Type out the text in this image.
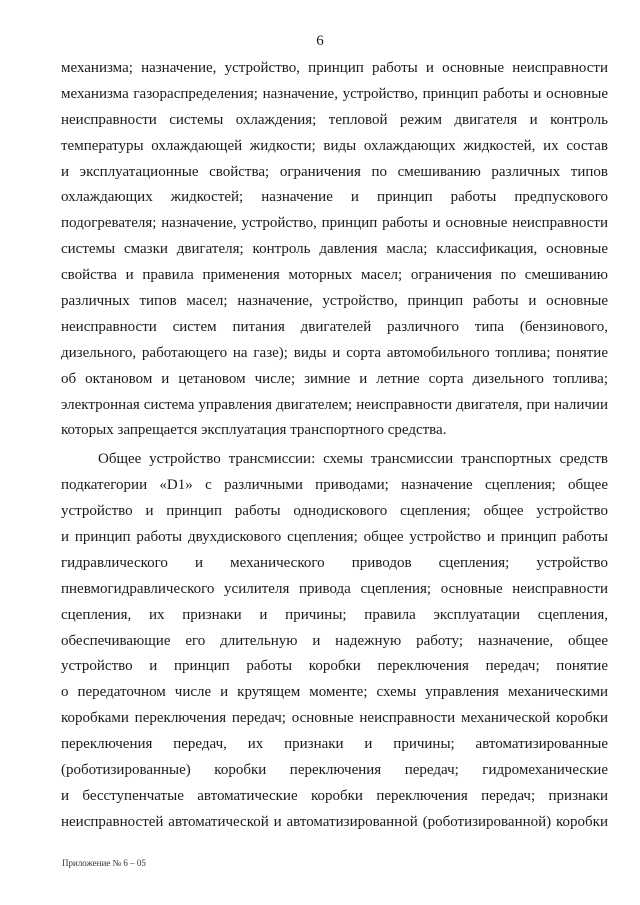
6
механизма; назначение, устройство, принцип работы и основные неисправности
механизма газораспределения; назначение, устройство, принцип работы и основные
неисправности системы охлаждения; тепловой режим двигателя и контроль
температуры охлаждающей жидкости; виды охлаждающих жидкостей, их состав
и эксплуатационные свойства; ограничения по смешиванию различных типов
охлаждающих жидкостей; назначение и принцип работы предпускового
подогревателя; назначение, устройство, принцип работы и основные неисправности
системы смазки двигателя; контроль давления масла; классификация, основные
свойства и правила применения моторных масел; ограничения по смешиванию
различных типов масел; назначение, устройство, принцип работы и основные
неисправности систем питания двигателей различного типа (бензинового,
дизельного, работающего на газе); виды и сорта автомобильного топлива; понятие
об октановом и цетановом числе; зимние и летние сорта дизельного топлива;
электронная система управления двигателем; неисправности двигателя, при наличии
которых запрещается эксплуатация транспортного средства.
Общее устройство трансмиссии: схемы трансмиссии транспортных средств
подкатегории «D1» с различными приводами; назначение сцепления; общее
устройство и принцип работы однодискового сцепления; общее устройство
и принцип работы двухдискового сцепления; общее устройство и принцип работы
гидравлического и механического приводов сцепления; устройство
пневмогидравлического усилителя привода сцепления; основные неисправности
сцепления, их признаки и причины; правила эксплуатации сцепления,
обеспечивающие его длительную и надежную работу; назначение, общее
устройство и принцип работы коробки переключения передач; понятие
о передаточном числе и крутящем моменте; схемы управления механическими
коробками переключения передач; основные неисправности механической коробки
переключения передач, их признаки и причины; автоматизированные
(роботизированные) коробки переключения передач; гидромеханические
и бесступенчатые автоматические коробки переключения передач; признаки
неисправностей автоматической и автоматизированной (роботизированной) коробки
Приложение № 6 – 05
